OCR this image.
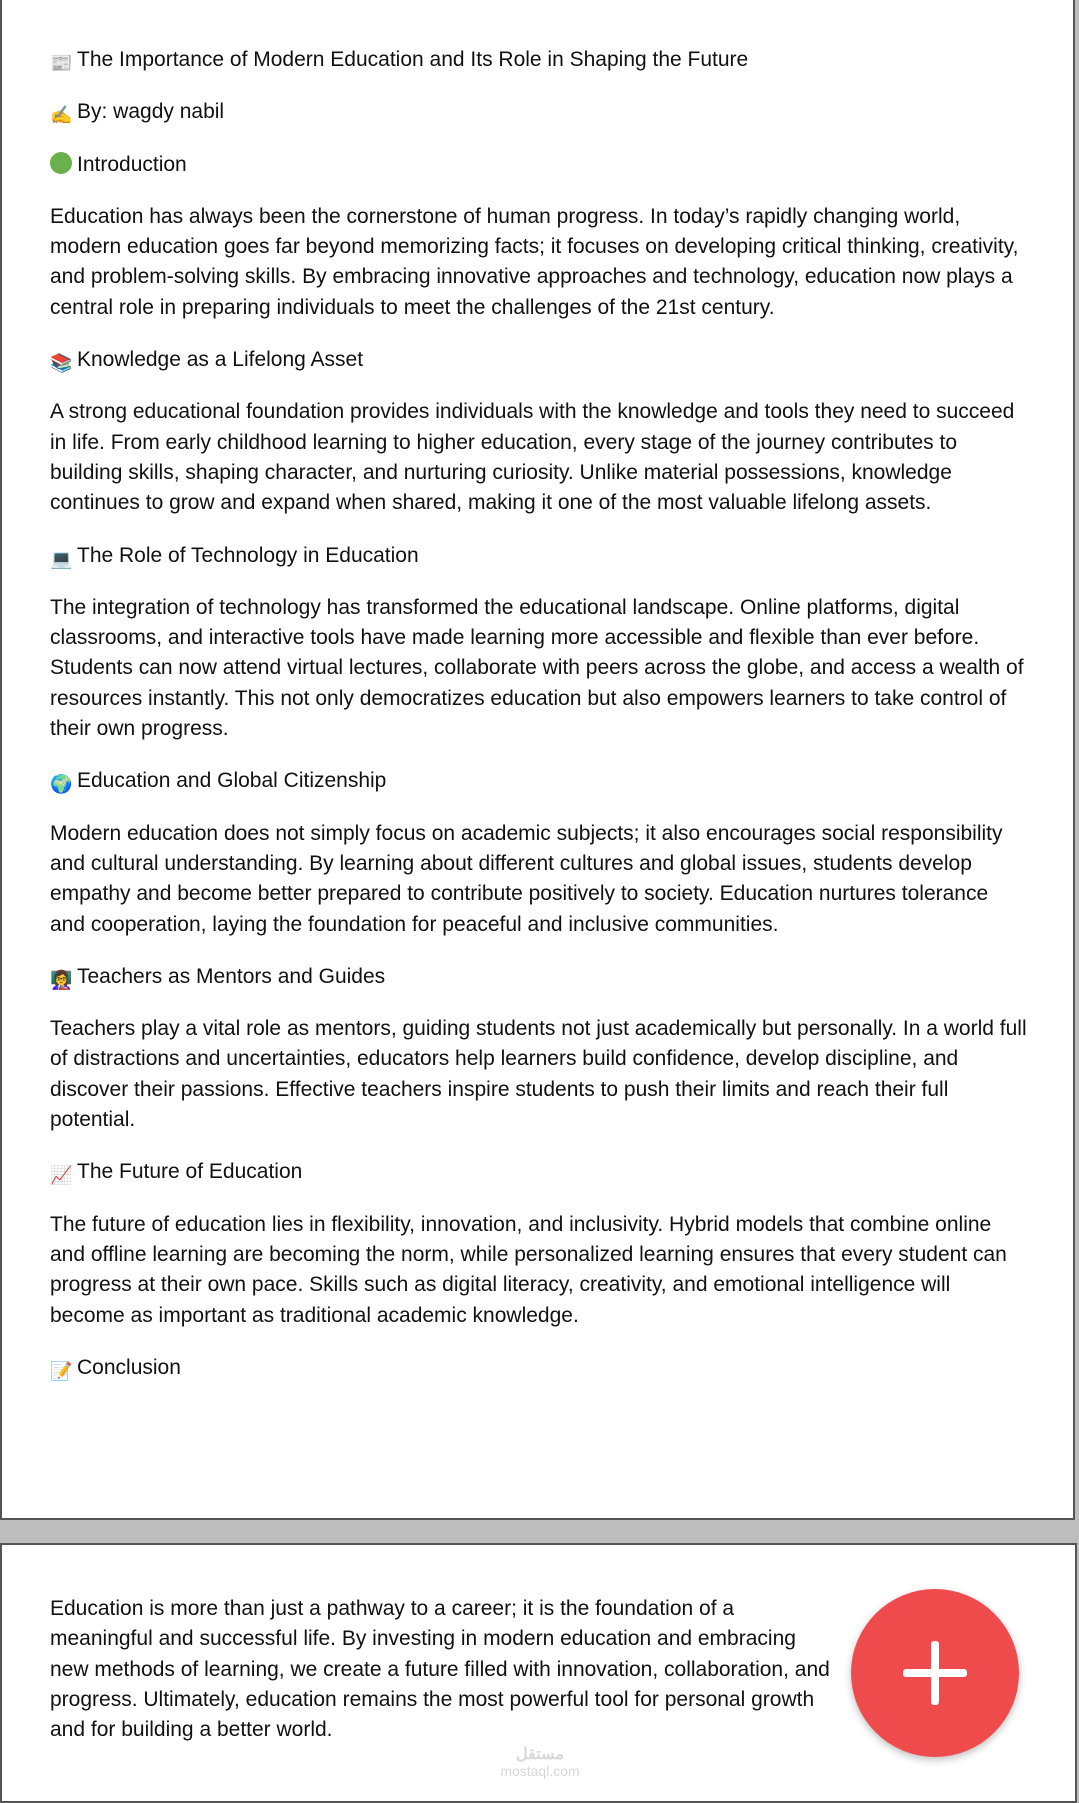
📰 The Importance of Modern Education and Its Role in Shaping the Future

✍ By: wagdy nabil

Introduction

Education has always been the cornerstone of human progress. In today’s rapidly changing world, modern education goes far beyond memorizing facts; it focuses on developing critical thinking, creativity, and problem-solving skills. By embracing innovative approaches and technology, education now plays a central role in preparing individuals to meet the challenges of the 21st century.

📚 Knowledge as a Lifelong Asset

A strong educational foundation provides individuals with the knowledge and tools they need to succeed in life. From early childhood learning to higher education, every stage of the journey contributes to building skills, shaping character, and nurturing curiosity. Unlike material possessions, knowledge continues to grow and expand when shared, making it one of the most valuable lifelong assets.

💻 The Role of Technology in Education

The integration of technology has transformed the educational landscape. Online platforms, digital classrooms, and interactive tools have made learning more accessible and flexible than ever before. Students can now attend virtual lectures, collaborate with peers across the globe, and access a wealth of resources instantly. This not only democratizes education but also empowers learners to take control of their own progress.

🌍 Education and Global Citizenship

Modern education does not simply focus on academic subjects; it also encourages social responsibility and cultural understanding. By learning about different cultures and global issues, students develop empathy and become better prepared to contribute positively to society. Education nurtures tolerance and cooperation, laying the foundation for peaceful and inclusive communities.

👩‍🏫 Teachers as Mentors and Guides

Teachers play a vital role as mentors, guiding students not just academically but personally. In a world full of distractions and uncertainties, educators help learners build confidence, develop discipline, and discover their passions. Effective teachers inspire students to push their limits and reach their full potential.

📈 The Future of Education

The future of education lies in flexibility, innovation, and inclusivity. Hybrid models that combine online and offline learning are becoming the norm, while personalized learning ensures that every student can progress at their own pace. Skills such as digital literacy, creativity, and emotional intelligence will become as important as traditional academic knowledge.

📝 Conclusion

Education is more than just a pathway to a career; it is the foundation of a meaningful and successful life. By investing in modern education and embracing new methods of learning, we create a future filled with innovation, collaboration, and progress. Ultimately, education remains the most powerful tool for personal growth and for building a better world.

مستقل
mostaql.com
